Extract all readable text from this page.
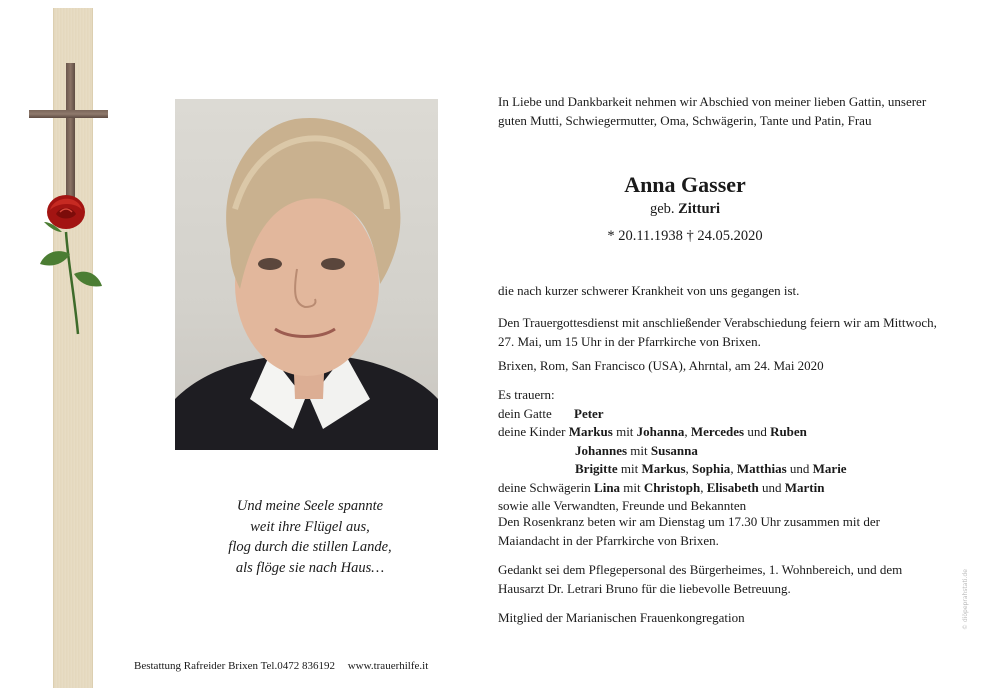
Und meine Seele spannte
weit ihre Flügel aus,
flog durch die stillen Lande,
als flöge sie nach Haus…
Bestattung Rafreider Brixen Tel.0472 836192 www.trauerhilfe.it

In Liebe und Dankbarkeit nehmen wir Abschied von meiner lieben Gattin, unserer guten Mutti, Schwiegermutter, Oma, Schwägerin, Tante und Patin, Frau

Anna Gasser
geb. Zitturi
* 20.11.1938 † 24.05.2020

die nach kurzer schwerer Krankheit von uns gegangen ist.

Den Trauergottesdienst mit anschließender Verabschiedung feiern wir am Mittwoch, 27. Mai, um 15 Uhr in der Pfarrkirche von Brixen.

Brixen, Rom, San Francisco (USA), Ahrntal, am 24. Mai 2020

Es trauern:
dein Gatte Peter
deine Kinder Markus mit Johanna, Mercedes und Ruben
Johannes mit Susanna
Brigitte mit Markus, Sophia, Matthias und Marie
deine Schwägerin Lina mit Christoph, Elisabeth und Martin
sowie alle Verwandten, Freunde und Bekannten

Den Rosenkranz beten wir am Dienstag um 17.30 Uhr zusammen mit der Maiandacht in der Pfarrkirche von Brixen.

Gedankt sei dem Pflegepersonal des Bürgerheimes, 1. Wohnbereich, und dem Hausarzt Dr. Letrari Bruno für die liebevolle Betreuung.

Mitglied der Marianischen Frauenkongregation	© diöpeprahstati.de
